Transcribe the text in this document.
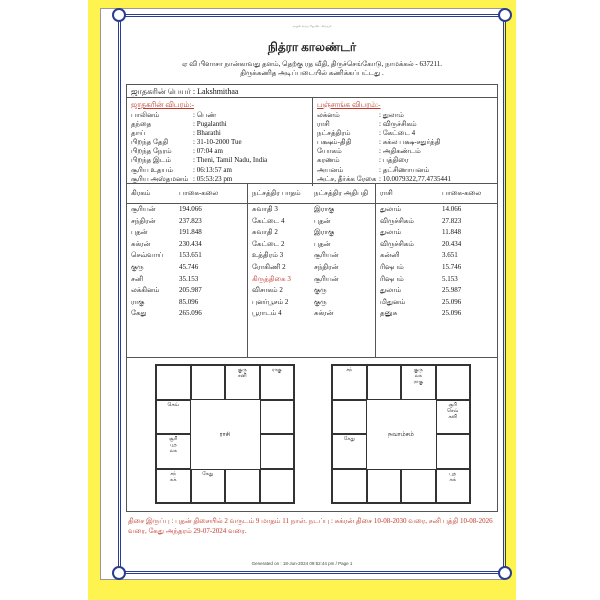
அருள் வாய் ஜோதிட மையம்
நித்ரா காலண்டர்
ஏ வி பிளாசா நான்காவது தளம், தெற்கு ரத வீதி, திருச்செங்கோடு, நாமக்கல் - 637211.
திருக்கணித அடிப்படையில் கணிக்கப்பட்டது .
ஜாதகரின் பெயர் : Lakshmithaa
ஜாதகரின் விபரம்:-
பாலினம்	: பெண்
தந்தை	: Pugalanthi
தாய்	: Bharathi
பிறந்த தேதி	: 31-10-2000 Tue
பிறந்த நேரம்	: 07:04 am
பிறந்த இடம்	: Theni, Tamil Nadu, India
சூரிய உதயம்	: 06:13:57 am
சூரிய அஸ்தமனம் : 05:53:23 pm
பஞ்சாங்க விபரம்:-
லக்னம்	: துலாம்
ராசி	: விருச்சிகம்
நட்சத்திரம்	: கேட்டை 4
பக்ஷம்-திதி	: சுக்ல பக்ஷ-சதுர்த்தி
யோகம்	: அதிகண்டம்
கரணம்	: பத்திரை
அயனம்	: தட்சிணாயனம்
அட்ச, தீர்க்க ரேகை : 10.0079322,77.4735441
கிரகம்	பாகை-கலை
சூரியன்	194.066
சந்திரன்	237.823
புதன்	191.848
சுக்ரன்	230.434
செவ்வாய்	153.651
குரு	45.746
சனி	35.153
லக்கினம்	205.987
ராகு	85.096
கேது	265.096
நட்சத்திர பாதம்	நட்சத்திர அதிபதி
சுவாதி 3	இராகு
கேட்டை 4	புதன்
சுவாதி 2	இராகு
கேட்டை 2	புதன்
உத்திரம் 3	சூரியன்
ரோகிணி 2	சந்திரன்
கிருத்திகை 3	சூரியன்
விசாகம் 2	குரு
புனர்பூசம் 2	குரு
பூராடம் 4	சுக்ரன்
ராசி	பாகை-கலை
துலாம்	14.066
விருச்சிகம்	27.823
துலாம்	11.848
விருச்சிகம்	20.434
கன்னி	3.651
ரிஷபம்	15.746
ரிஷபம்	5.153
துலாம்	25.987
மிதுனம்	25.096
தனுசு	25.096
குரு
சனி
ராகு
கேது
சந்
சுக்
சூரி
புத
லக
செவ்
ராசி
சந்	குரு
லக
ராகு
சூரி
செவ்
சனி
புத
சுக்
கேது
நவாம்சம்
திசை இருப்பு : புதன் திசையில் 2 வருடம் 9 மாதம் 11 நாள். நடப்பு : சுக்ரன் திசை 10-08-2030 வரை, சனி புத்தி 10-08-2026 வரை, கேது அந்தரம் 29-07-2024 வரை.
Generated on : 18-Jun-2024 09:52:44 pm / Page 1
